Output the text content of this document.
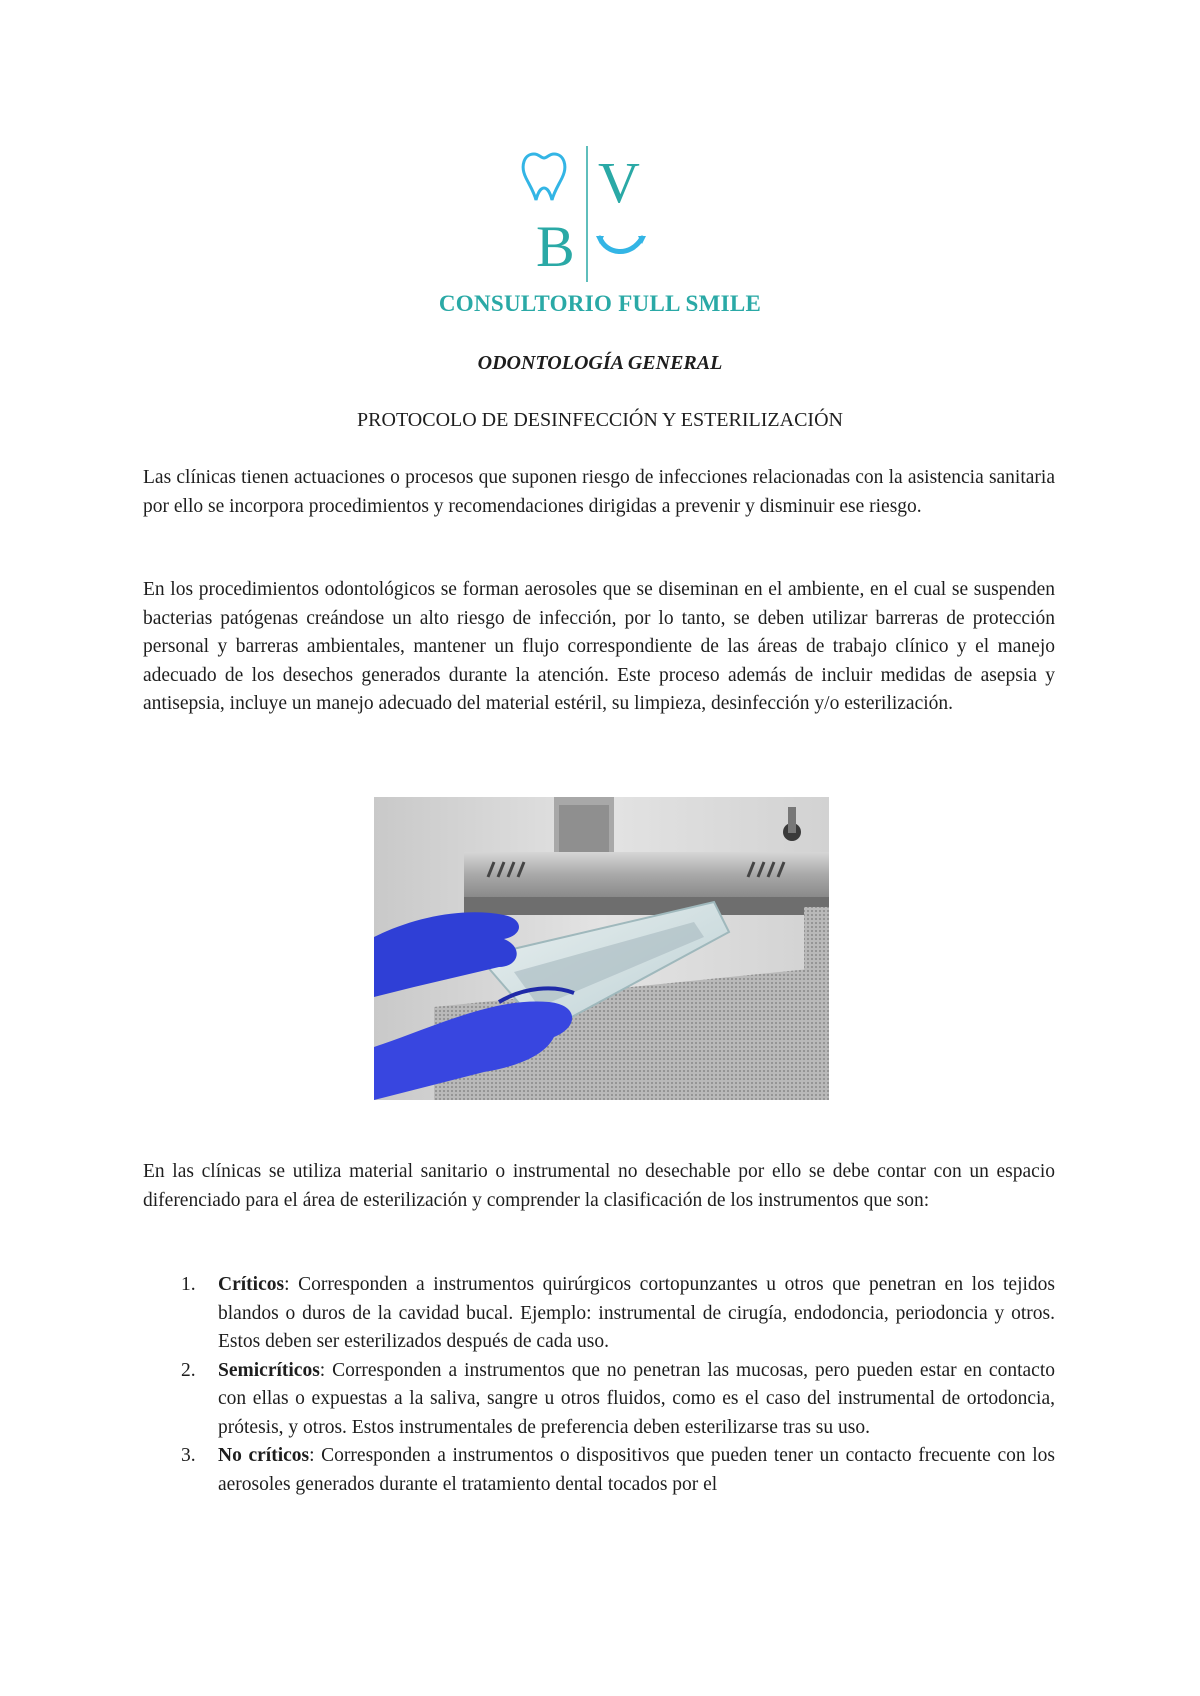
V
B
CONSULTORIO FULL SMILE
ODONTOLOGÍA GENERAL
PROTOCOLO DE DESINFECCIÓN Y ESTERILIZACIÓN

Las clínicas tienen actuaciones o procesos que suponen riesgo de infecciones relacionadas con la asistencia sanitaria por ello se incorpora procedimientos y recomendaciones dirigidas a prevenir y disminuir ese riesgo.

En los procedimientos odontológicos se forman aerosoles que se diseminan en el ambiente, en el cual se suspenden bacterias patógenas creándose un alto riesgo de infección, por lo tanto, se deben utilizar barreras de protección personal y barreras ambientales, mantener un flujo correspondiente de las áreas de trabajo clínico y el manejo adecuado de los desechos generados durante la atención. Este proceso además de incluir medidas de asepsia y antisepsia, incluye un manejo adecuado del material estéril, su limpieza, desinfección y/o esterilización.

En las clínicas se utiliza material sanitario o instrumental no desechable por ello se debe contar con un espacio diferenciado para el área de esterilización y comprender la clasificación de los instrumentos que son:

1. Críticos: Corresponden a instrumentos quirúrgicos cortopunzantes u otros que penetran en los tejidos blandos o duros de la cavidad bucal. Ejemplo: instrumental de cirugía, endodoncia, periodoncia y otros. Estos deben ser esterilizados después de cada uso.
2. Semicríticos: Corresponden a instrumentos que no penetran las mucosas, pero pueden estar en contacto con ellas o expuestas a la saliva, sangre u otros fluidos, como es el caso del instrumental de ortodoncia, prótesis, y otros. Estos instrumentales de preferencia deben esterilizarse tras su uso.
3. No críticos: Corresponden a instrumentos o dispositivos que pueden tener un contacto frecuente con los aerosoles generados durante el tratamiento dental tocados por el
